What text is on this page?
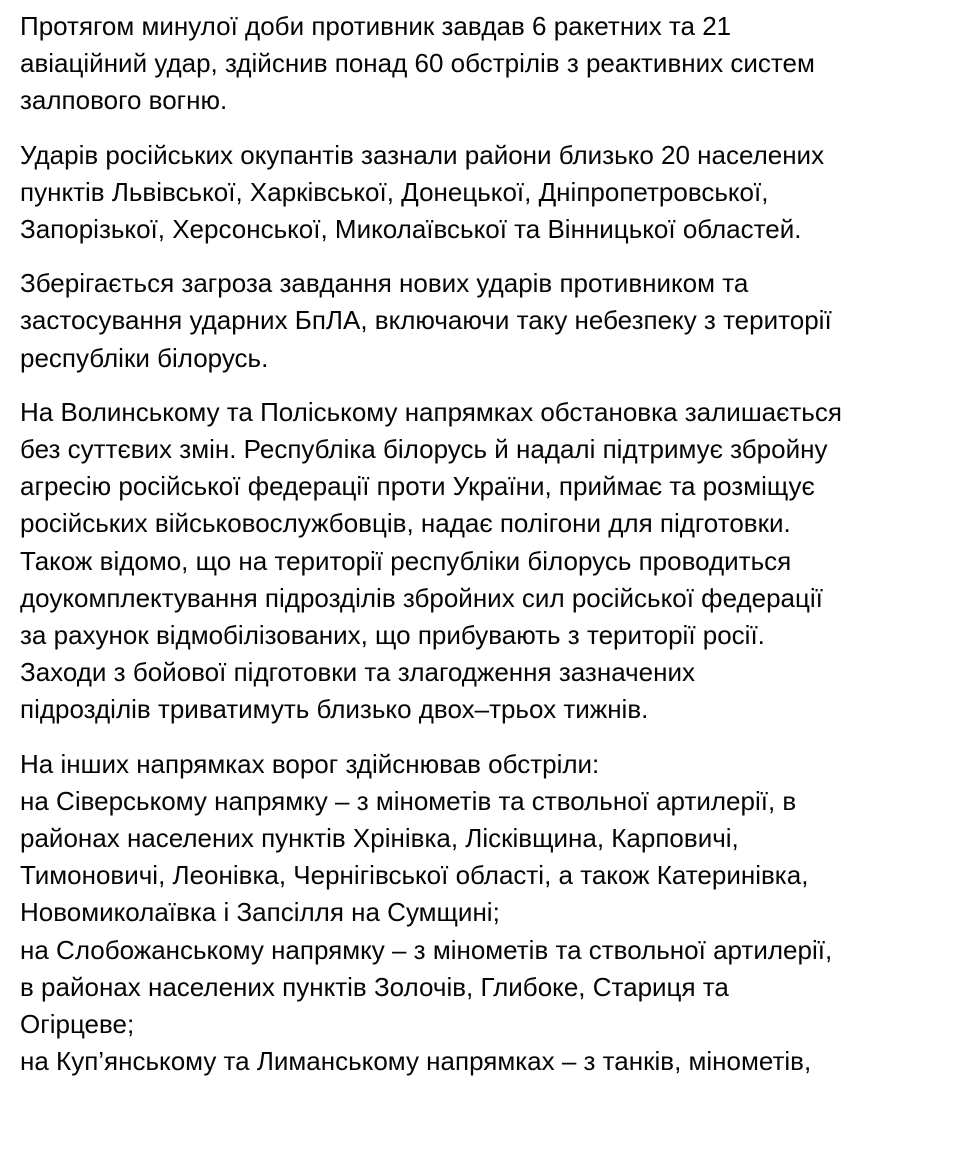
Протягом минулої доби противник завдав 6 ракетних та 21
авіаційний удар, здійснив понад 60 обстрілів з реактивних систем
залпового вогню.

Ударів російських окупантів зазнали райони близько 20 населених
пунктів Львівської, Харківської, Донецької, Дніпропетровської,
Запорізької, Херсонської, Миколаївської та Вінницької областей.

Зберігається загроза завдання нових ударів противником та
застосування ударних БпЛА, включаючи таку небезпеку з території
республіки білорусь.

На Волинському та Поліському напрямках обстановка залишається
без суттєвих змін. Республіка білорусь й надалі підтримує збройну
агресію російської федерації проти України, приймає та розміщує
російських військовослужбовців, надає полігони для підготовки.
Також відомо, що на території республіки білорусь проводиться
доукомплектування підрозділів збройних сил російської федерації
за рахунок відмобілізованих, що прибувають з території росії.
Заходи з бойової підготовки та злагодження зазначених
підрозділів триватимуть близько двох–трьох тижнів.

На інших напрямках ворог здійснював обстріли:
на Сіверському напрямку – з мінометів та ствольної артилерії, в
районах населених пунктів Хрінівка, Лісківщина, Карповичі,
Тимоновичі, Леонівка, Чернігівської області, а також Катеринівка,
Новомиколаївка і Запсілля на Сумщині;
на Слобожанському напрямку – з мінометів та ствольної артилерії,
в районах населених пунктів Золочів, Глибоке, Стариця та
Огірцеве;
на Куп’янському та Лиманському напрямках – з танків, мінометів,
